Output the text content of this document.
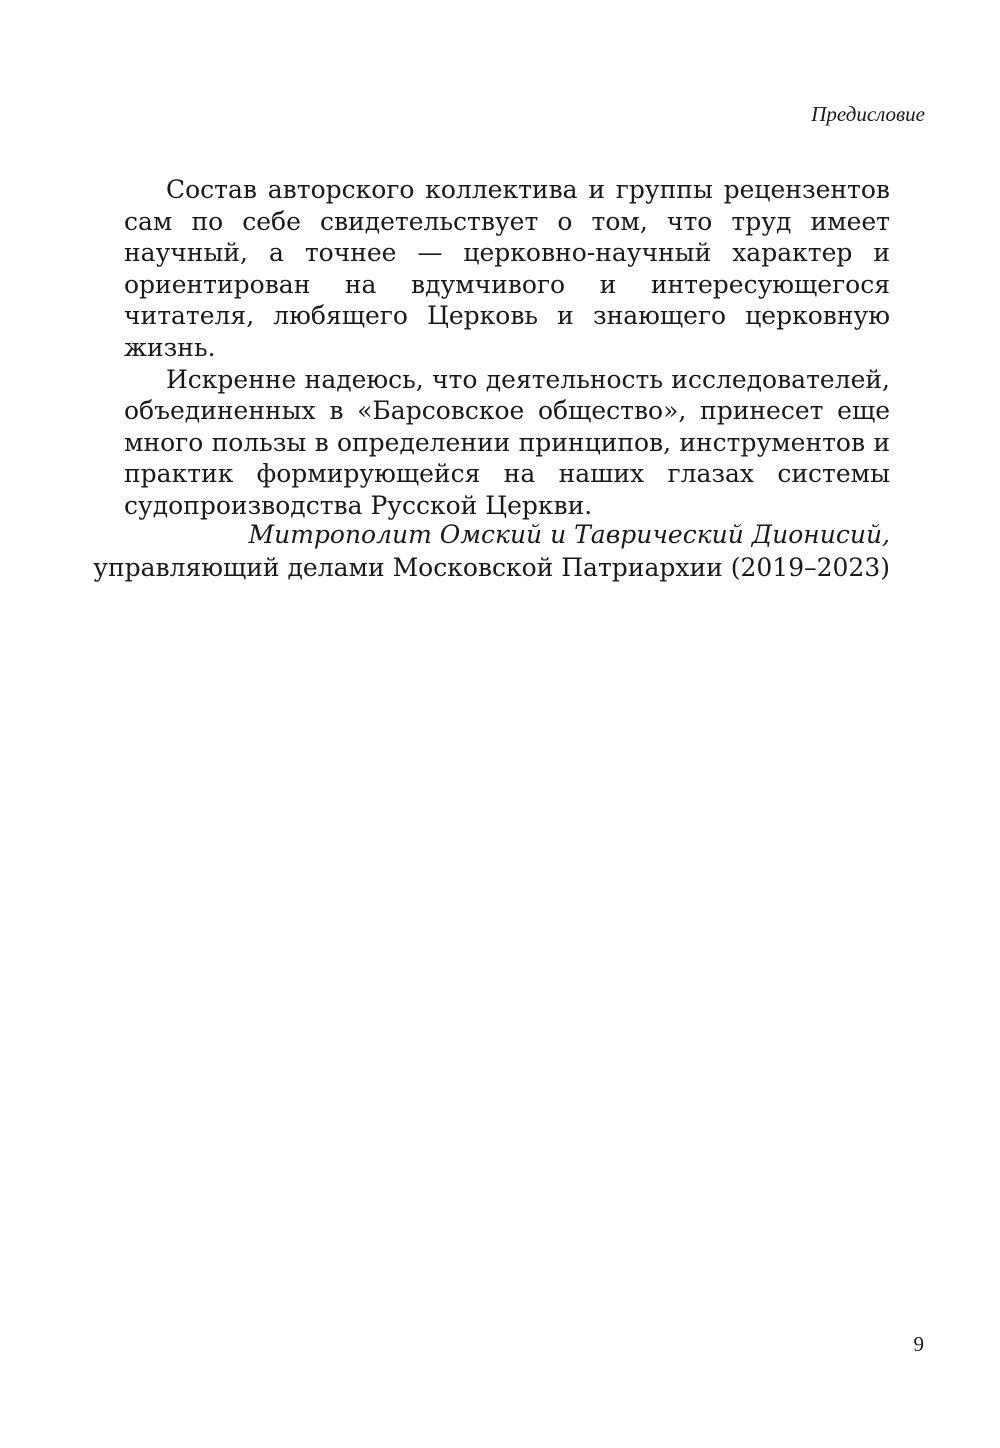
Предисловие

Состав авторского коллектива и группы рецензентов сам по себе свидетельствует о том, что труд имеет научный, а точнее — церковно-научный характер и ориентирован на вдумчивого и интересующегося читателя, любящего Церковь и знающего церковную жизнь.

Искренне надеюсь, что деятельность исследователей, объединенных в «Барсовское общество», принесет еще много пользы в определении принципов, инструментов и практик формирующейся на наших глазах системы судопроизводства Русской Церкви.

Митрополит Омский и Таврический Дионисий,
управляющий делами Московской Патриархии (2019–2023)

9
